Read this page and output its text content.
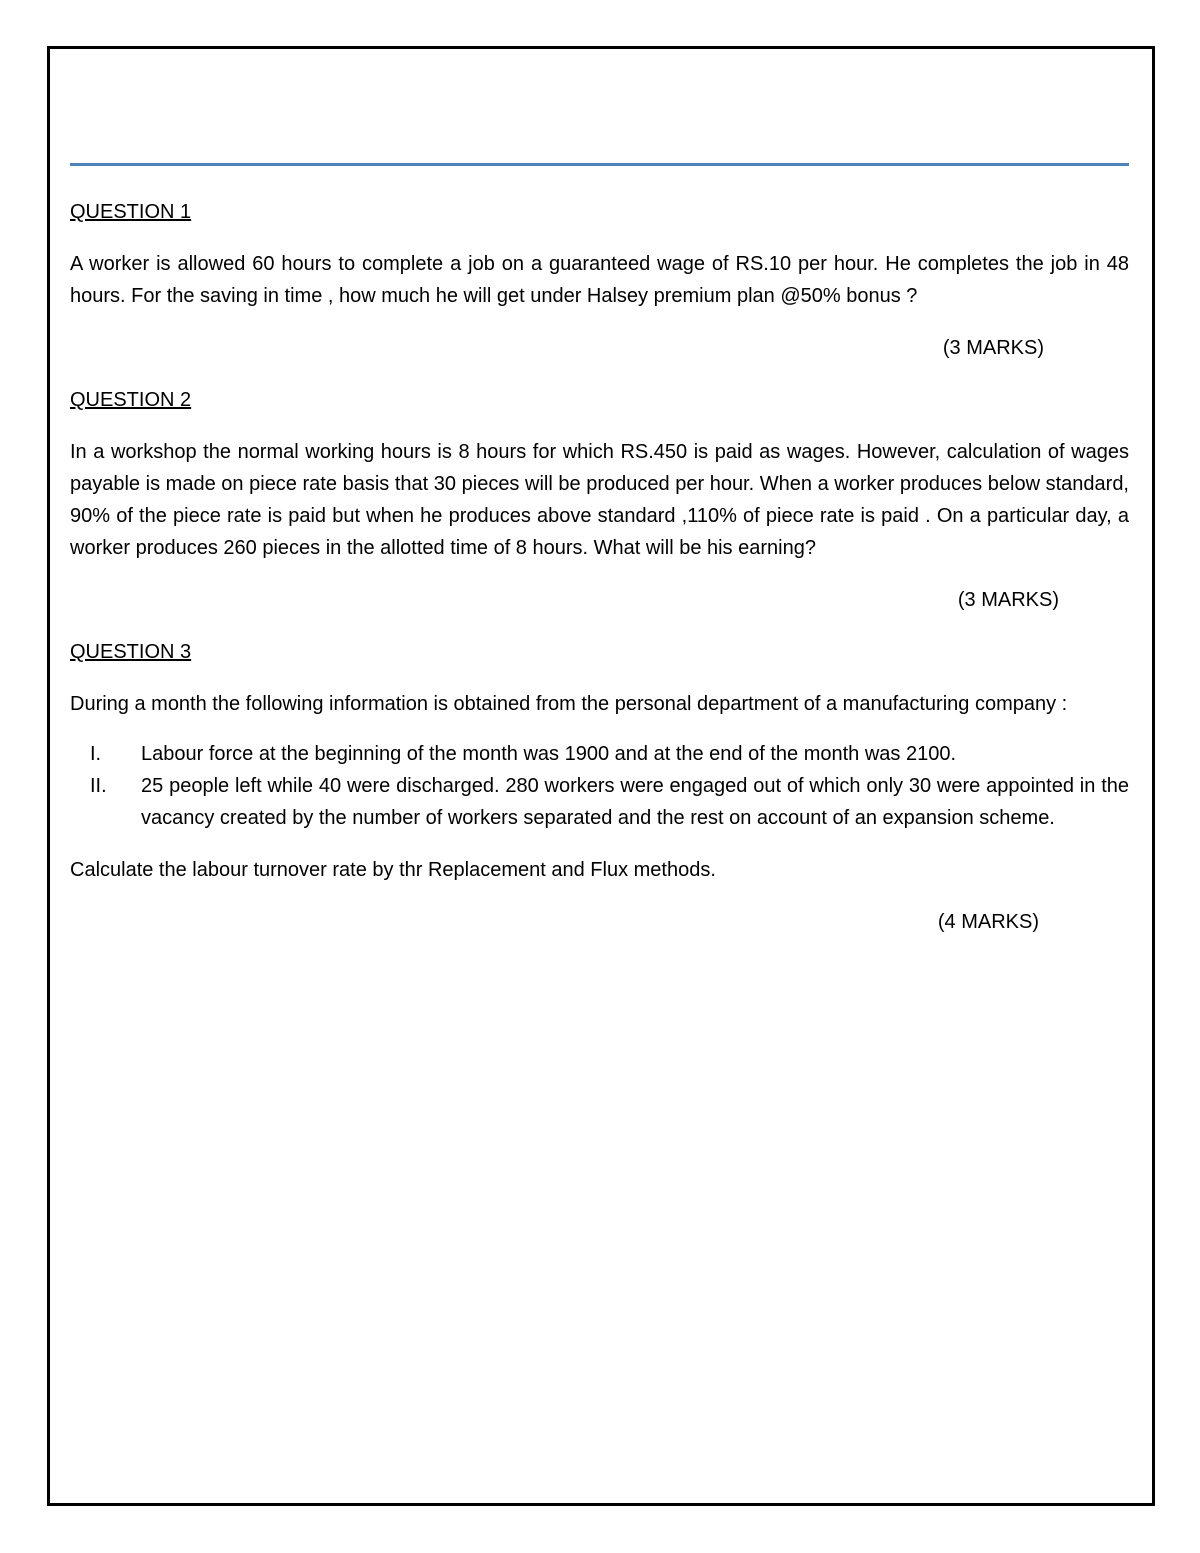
QUESTION 1

A worker is allowed 60 hours to complete a job on a guaranteed wage of RS.10 per hour. He completes the job in 48 hours. For the saving in time , how much he will get under Halsey premium plan @50% bonus ?

(3 MARKS)

QUESTION 2

In a workshop the normal working hours is 8 hours for which RS.450 is paid as wages. However, calculation of wages payable is made on piece rate basis that 30 pieces will be produced per hour. When a worker produces below standard, 90% of the piece rate is paid but when he produces above standard ,110% of piece rate is paid . On a particular day, a worker produces 260 pieces in the allotted time of 8 hours. What will be his earning?

(3 MARKS)

QUESTION 3

During a month the following information is obtained from the personal department of a manufacturing company :

I.	Labour force at the beginning of the month was 1900 and at the end of the month was 2100.
II.	25 people left while 40 were discharged. 280 workers were engaged out of which only 30 were appointed in the vacancy created by the number of workers separated and the rest on account of an expansion scheme.

Calculate the labour turnover rate by thr Replacement and Flux methods.

(4 MARKS)
